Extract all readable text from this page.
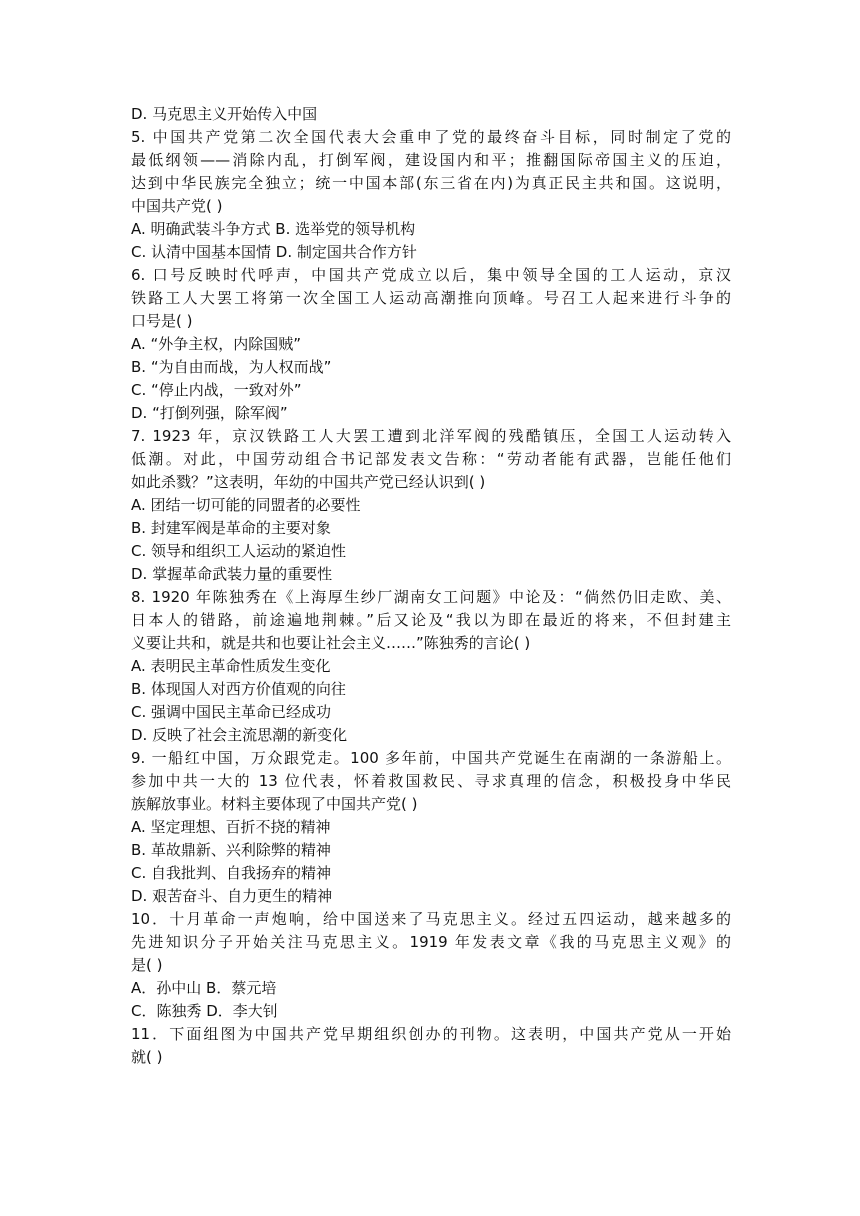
D. 马克思主义开始传入中国
5. 中国共产党第二次全国代表大会重申了党的最终奋斗目标，同时制定了党的
最低纲领——消除内乱，打倒军阀，建设国内和平；推翻国际帝国主义的压迫，
达到中华民族完全独立；统一中国本部(东三省在内)为真正民主共和国。这说明，
中国共产党( )
A. 明确武装斗争方式 B. 选举党的领导机构
C. 认清中国基本国情 D. 制定国共合作方针
6. 口号反映时代呼声，中国共产党成立以后，集中领导全国的工人运动，京汉
铁路工人大罢工将第一次全国工人运动高潮推向顶峰。号召工人起来进行斗争的
口号是( )
A. “外争主权，内除国贼”
B. “为自由而战，为人权而战”
C. “停止内战，一致对外”
D. “打倒列强，除军阀”
7. 1923 年，京汉铁路工人大罢工遭到北洋军阀的残酷镇压，全国工人运动转入
低潮。对此，中国劳动组合书记部发表文告称：“劳动者能有武器，岂能任他们
如此杀戮？”这表明，年幼的中国共产党已经认识到( )
A. 团结一切可能的同盟者的必要性
B. 封建军阀是革命的主要对象
C. 领导和组织工人运动的紧迫性
D. 掌握革命武装力量的重要性
8. 1920 年陈独秀在《上海厚生纱厂湖南女工问题》中论及：“倘然仍旧走欧、美、
日本人的错路，前途遍地荆棘。”后又论及“我以为即在最近的将来，不但封建主
义要让共和，就是共和也要让社会主义……”陈独秀的言论( )
A. 表明民主革命性质发生变化
B. 体现国人对西方价值观的向往
C. 强调中国民主革命已经成功
D. 反映了社会主流思潮的新变化
9. 一船红中国，万众跟党走。100 多年前，中国共产党诞生在南湖的一条游船上。
参加中共一大的 13 位代表，怀着救国救民、寻求真理的信念，积极投身中华民
族解放事业。材料主要体现了中国共产党( )
A. 坚定理想、百折不挠的精神
B. 革故鼎新、兴利除弊的精神
C. 自我批判、自我扬弃的精神
D. 艰苦奋斗、自力更生的精神
10．十月革命一声炮响，给中国送来了马克思主义。经过五四运动，越来越多的
先进知识分子开始关注马克思主义。1919 年发表文章《我的马克思主义观》的
是( )
A．孙中山 B．蔡元培
C．陈独秀 D．李大钊
11．下面组图为中国共产党早期组织创办的刊物。这表明，中国共产党从一开始
就( )
